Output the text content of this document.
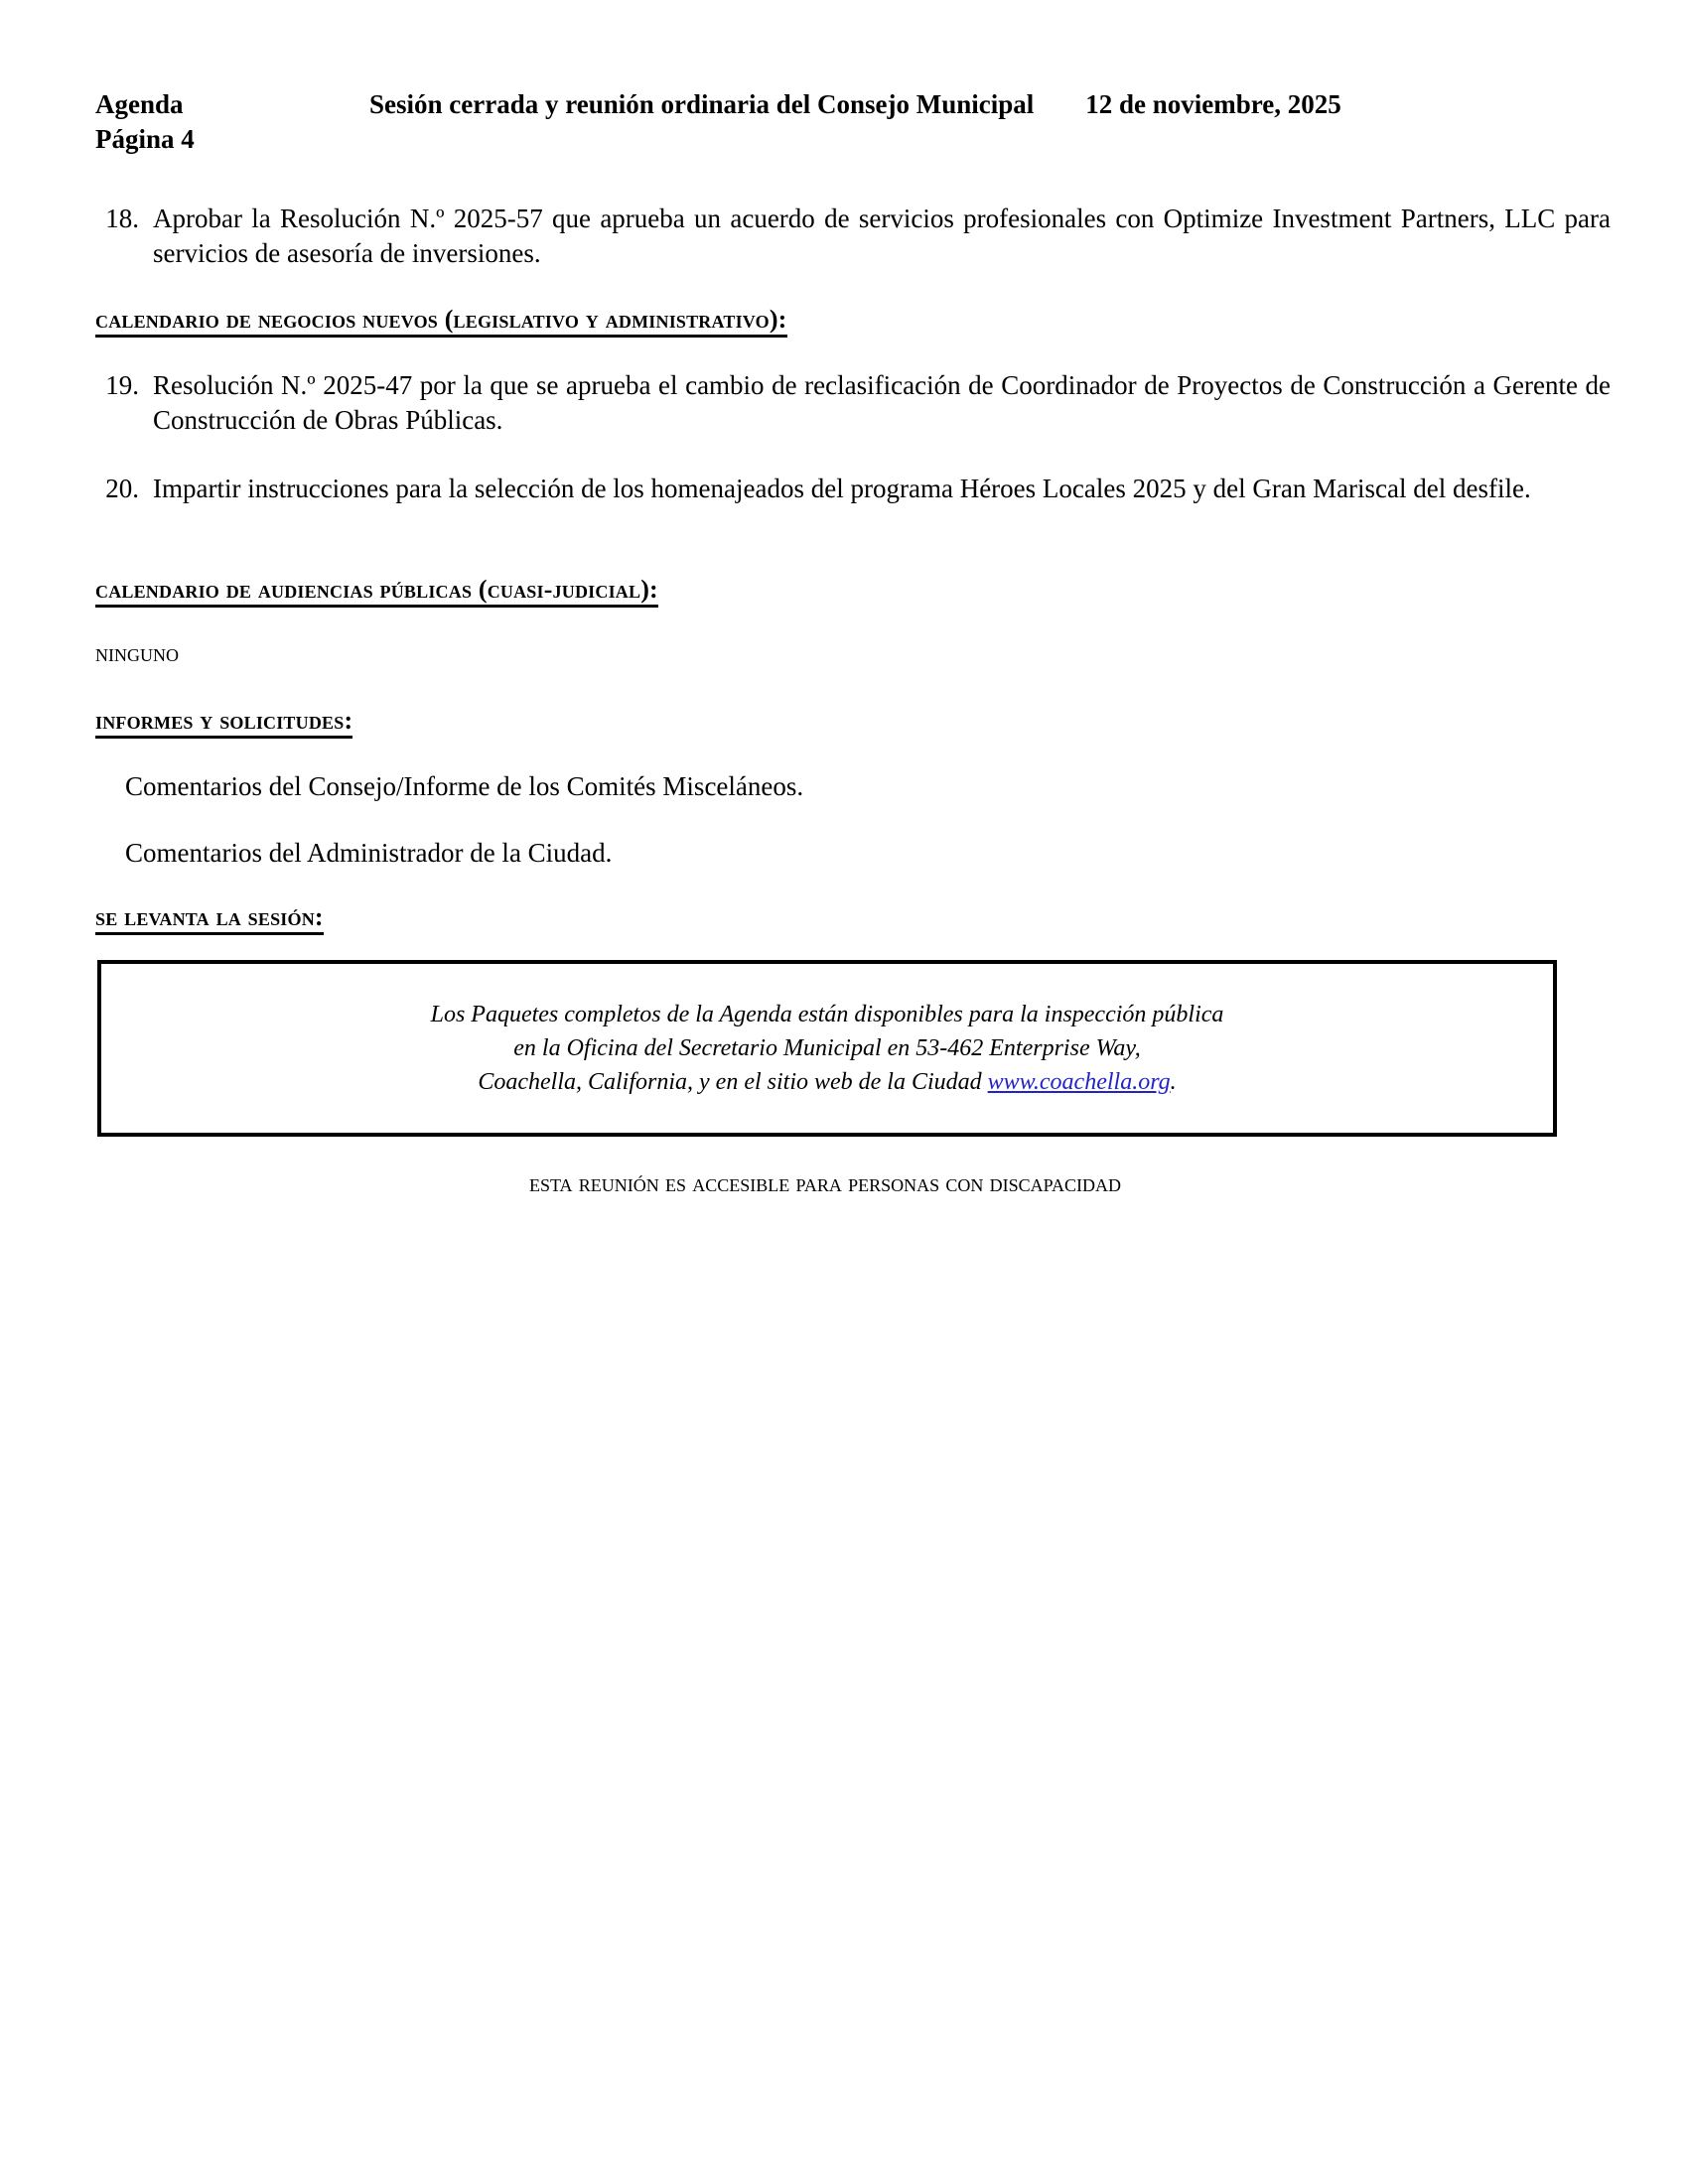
Agenda	Sesión cerrada y reunión ordinaria del Consejo Municipal 12 de noviembre, 2025
Página 4
18. Aprobar la Resolución N.º 2025-57 que aprueba un acuerdo de servicios profesionales con Optimize Investment Partners, LLC para servicios de asesoría de inversiones.
calendario de negocios nuevos (legislativo y administrativo):
19. Resolución N.º 2025-47 por la que se aprueba el cambio de reclasificación de Coordinador de Proyectos de Construcción a Gerente de Construcción de Obras Públicas.
20. Impartir instrucciones para la selección de los homenajeados del programa Héroes Locales 2025 y del Gran Mariscal del desfile.
calendario de audiencias públicas (cuasi-judicial):
ninguno
informes y solicitudes:
Comentarios del Consejo/Informe de los Comités Misceláneos.
Comentarios del Administrador de la Ciudad.
se levanta la sesión:

Los Paquetes completos de la Agenda están disponibles para la inspección pública

en la Oficina del Secretario Municipal en 53-462 Enterprise Way,

Coachella, California, y en el sitio web de la Ciudad www.coachella.org.

esta reunión es accesible para personas con discapacidad
